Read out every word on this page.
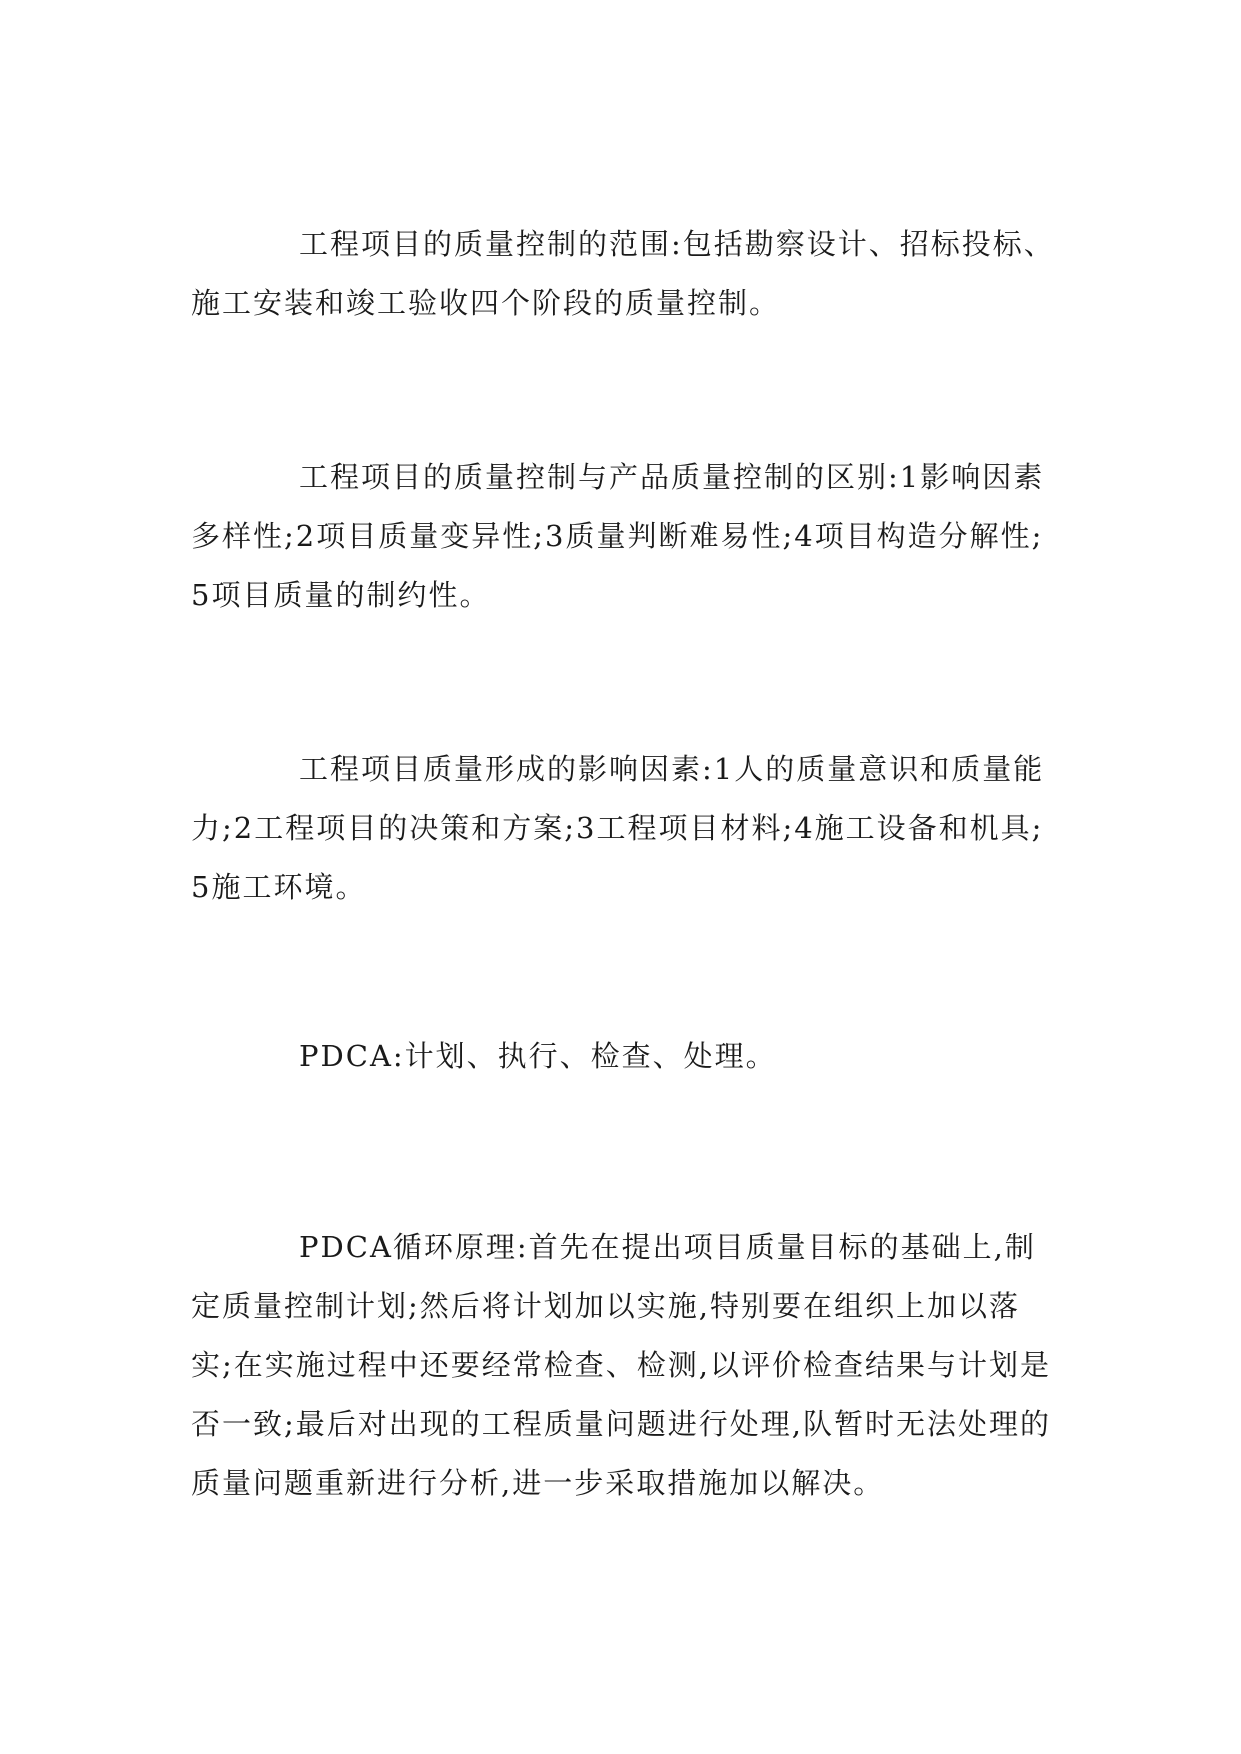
工程项目的质量控制的范围:包括勘察设计、招标投标、施工安装和竣工验收四个阶段的质量控制。

工程项目的质量控制与产品质量控制的区别:1影响因素多样性;2项目质量变异性;3质量判断难易性;4项目构造分解性;5项目质量的制约性。

工程项目质量形成的影响因素:1人的质量意识和质量能力;2工程项目的决策和方案;3工程项目材料;4施工设备和机具;5施工环境。

PDCA:计划、执行、检查、处理。

PDCA循环原理:首先在提出项目质量目标的基础上,制定质量控制计划;然后将计划加以实施,特别要在组织上加以落实;在实施过程中还要经常检查、检测,以评价检查结果与计划是否一致;最后对出现的工程质量问题进行处理,队暂时无法处理的质量问题重新进行分析,进一步采取措施加以解决。
